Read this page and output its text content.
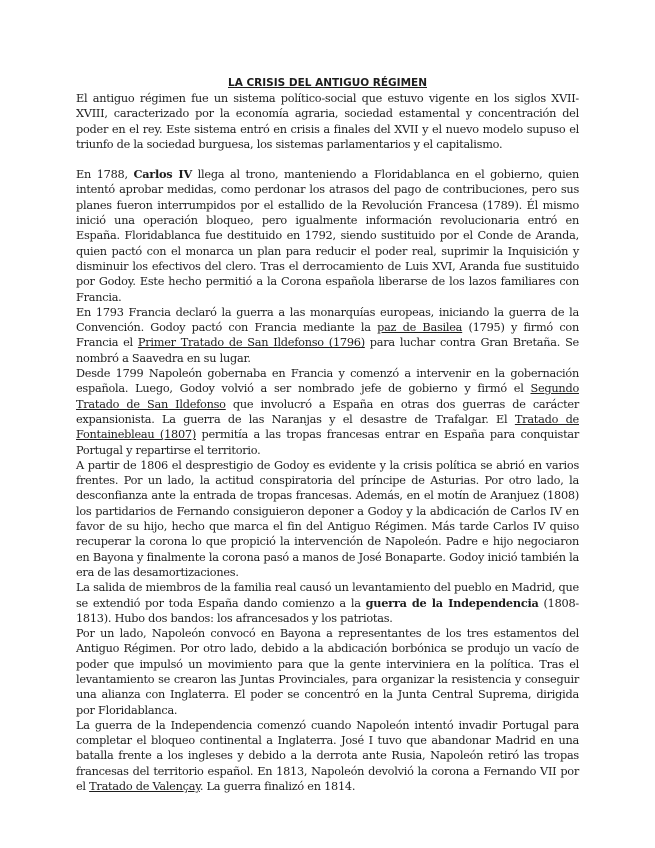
LA CRISIS DEL ANTIGUO RÉGIMEN

El antiguo régimen fue un sistema político-social que estuvo vigente en los siglos XVII-XVIII, caracterizado por la economía agraria, sociedad estamental y concentración del poder en el rey. Este sistema entró en crisis a finales del XVII y el nuevo modelo supuso el triunfo de la sociedad burguesa, los sistemas parlamentarios y el capitalismo.

En 1788, Carlos IV llega al trono, manteniendo a Floridablanca en el gobierno, quien intentó aprobar medidas, como perdonar los atrasos del pago de contribuciones, pero sus planes fueron interrumpidos por el estallido de la Revolución Francesa (1789). Él mismo inició una operación bloqueo, pero igualmente información revolucionaria entró en España. Floridablanca fue destituido en 1792, siendo sustituido por el Conde de Aranda, quien pactó con el monarca un plan para reducir el poder real, suprimir la Inquisición y disminuir los efectivos del clero. Tras el derrocamiento de Luis XVI, Aranda fue sustituido por Godoy. Este hecho permitió a la Corona española liberarse de los lazos familiares con Francia.

En 1793 Francia declaró la guerra a las monarquías europeas, iniciando la guerra de la Convención. Godoy pactó con Francia mediante la paz de Basilea (1795) y firmó con Francia el Primer Tratado de San Ildefonso (1796) para luchar contra Gran Bretaña. Se nombró a Saavedra en su lugar.

Desde 1799 Napoleón gobernaba en Francia y comenzó a intervenir en la gobernación española. Luego, Godoy volvió a ser nombrado jefe de gobierno y firmó el Segundo Tratado de San Ildefonso que involucró a España en otras dos guerras de carácter expansionista. La guerra de las Naranjas y el desastre de Trafalgar. El Tratado de Fontainebleau (1807) permitía a las tropas francesas entrar en España para conquistar Portugal y repartirse el territorio.

A partir de 1806 el desprestigio de Godoy es evidente y la crisis política se abrió en varios frentes. Por un lado, la actitud conspiratoria del príncipe de Asturias. Por otro lado, la desconfianza ante la entrada de tropas francesas. Además, en el motín de Aranjuez (1808) los partidarios de Fernando consiguieron deponer a Godoy y la abdicación de Carlos IV en favor de su hijo, hecho que marca el fin del Antiguo Régimen. Más tarde Carlos IV quiso recuperar la corona lo que propició la intervención de Napoleón. Padre e hijo negociaron en Bayona y finalmente la corona pasó a manos de José Bonaparte. Godoy inició también la era de las desamortizaciones.

La salida de miembros de la familia real causó un levantamiento del pueblo en Madrid, que se extendió por toda España dando comienzo a la guerra de la Independencia (1808-1813). Hubo dos bandos: los afrancesados y los patriotas.

Por un lado, Napoleón convocó en Bayona a representantes de los tres estamentos del Antiguo Régimen. Por otro lado, debido a la abdicación borbónica se produjo un vacío de poder que impulsó un movimiento para que la gente interviniera en la política. Tras el levantamiento se crearon las Juntas Provinciales, para organizar la resistencia y conseguir una alianza con Inglaterra. El poder se concentró en la Junta Central Suprema, dirigida por Floridablanca.

La guerra de la Independencia comenzó cuando Napoleón intentó invadir Portugal para completar el bloqueo continental a Inglaterra. José I tuvo que abandonar Madrid en una batalla frente a los ingleses y debido a la derrota ante Rusia, Napoleón retiró las tropas francesas del territorio español. En 1813, Napoleón devolvió la corona a Fernando VII por el Tratado de Valençay. La guerra finalizó en 1814.
